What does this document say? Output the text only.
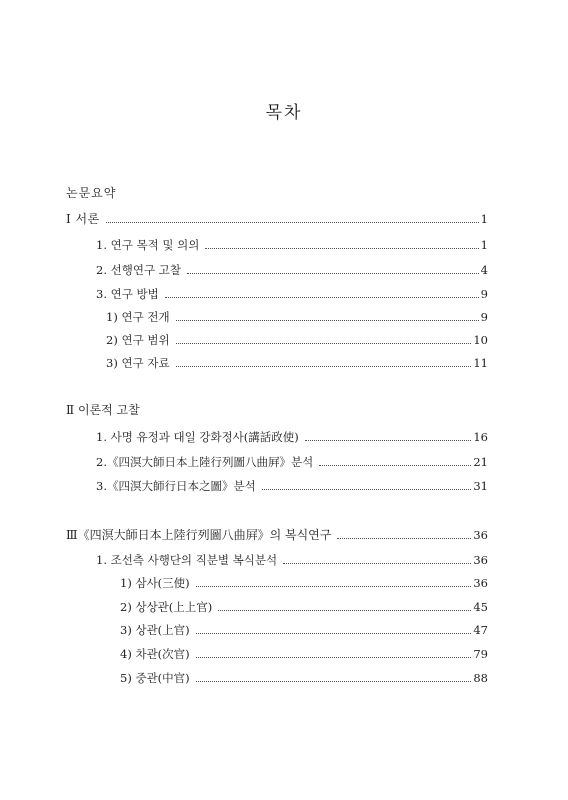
목차
논문요약
Ⅰ 서론	1
1. 연구 목적 및 의의	1
2. 선행연구 고찰	4
3. 연구 방법	9
1) 연구 전개	9
2) 연구 범위	10
3) 연구 자료	11
Ⅱ 이론적 고찰
1. 사명 유정과 대일 강화정사(講話政使)	16
2.《四溟大師日本上陸行列圖八曲屛》분석	21
3.《四溟大師行日本之圖》분석	31
Ⅲ《四溟大師日本上陸行列圖八曲屛》의 복식연구	36
1. 조선측 사행단의 직분별 복식분석	36
1) 삼사(三使)	36
2) 상상관(上上官)	45
3) 상관(上官)	47
4) 차관(次官)	79
5) 중관(中官)	88
